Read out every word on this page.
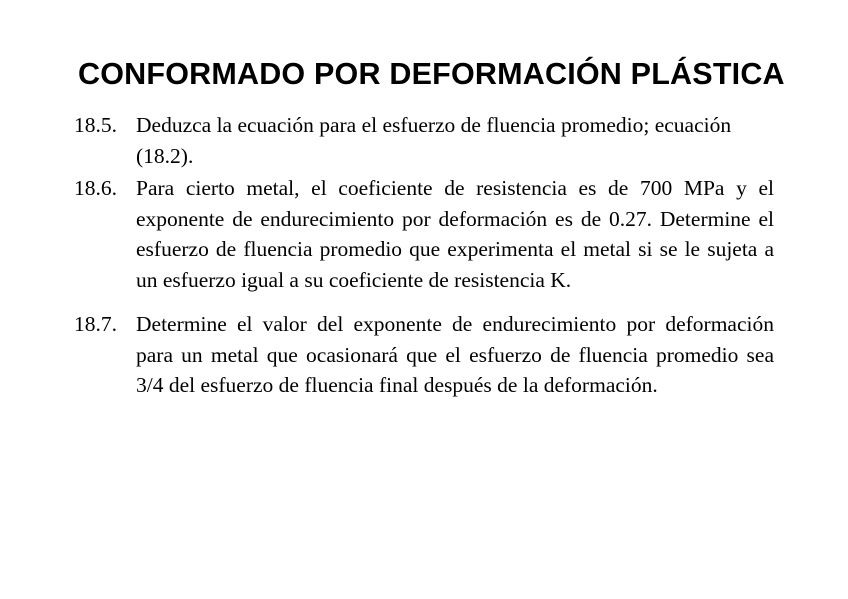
CONFORMADO POR DEFORMACIÓN PLÁSTICA
18.5. Deduzca la ecuación para el esfuerzo de fluencia promedio; ecuación (18.2).
18.6. Para cierto metal, el coeficiente de resistencia es de 700 MPa y el exponente de endurecimiento por deformación es de 0.27. Determine el esfuerzo de fluencia promedio que experimenta el metal si se le sujeta a un esfuerzo igual a su coeficiente de resistencia K.
18.7. Determine el valor del exponente de endurecimiento por deformación para un metal que ocasionará que el esfuerzo de fluencia promedio sea 3/4 del esfuerzo de fluencia final después de la deformación.
